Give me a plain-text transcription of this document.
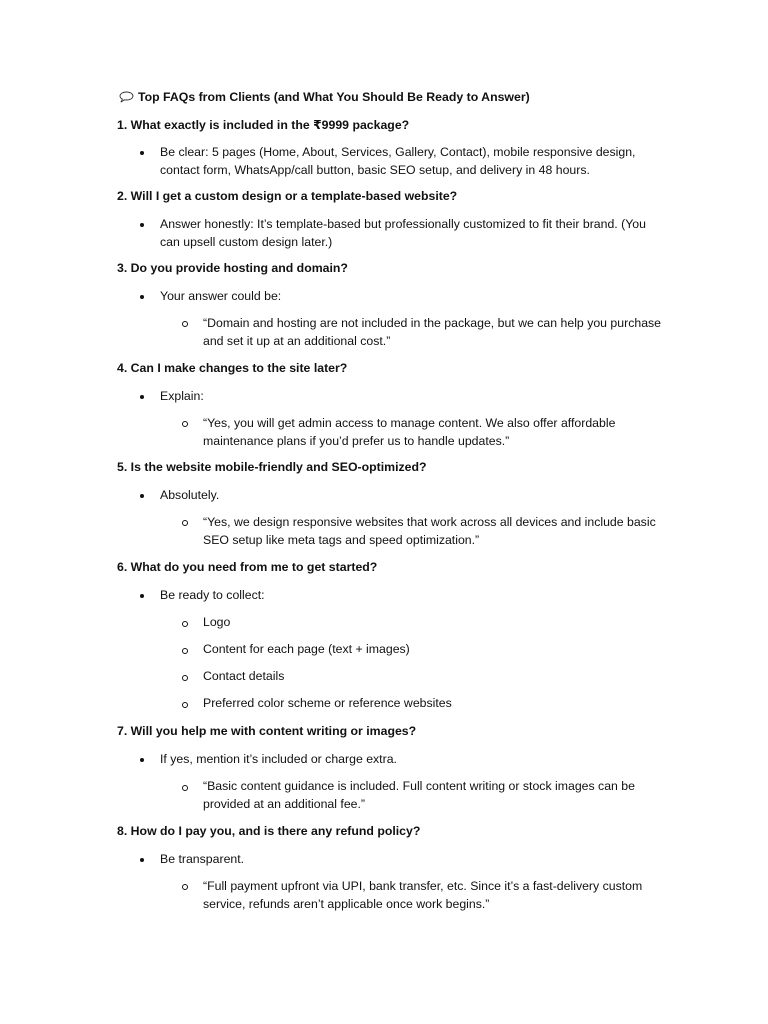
Top FAQs from Clients (and What You Should Be Ready to Answer)
1. What exactly is included in the ₹9999 package?
Be clear: 5 pages (Home, About, Services, Gallery, Contact), mobile responsive design, contact form, WhatsApp/call button, basic SEO setup, and delivery in 48 hours.
2. Will I get a custom design or a template-based website?
Answer honestly: It’s template-based but professionally customized to fit their brand. (You can upsell custom design later.)
3. Do you provide hosting and domain?
Your answer could be:
“Domain and hosting are not included in the package, but we can help you purchase and set it up at an additional cost.”
4. Can I make changes to the site later?
Explain:
“Yes, you will get admin access to manage content. We also offer affordable maintenance plans if you’d prefer us to handle updates.”
5. Is the website mobile-friendly and SEO-optimized?
Absolutely.
“Yes, we design responsive websites that work across all devices and include basic SEO setup like meta tags and speed optimization.”
6. What do you need from me to get started?
Be ready to collect:
Logo
Content for each page (text + images)
Contact details
Preferred color scheme or reference websites
7. Will you help me with content writing or images?
If yes, mention it’s included or charge extra.
“Basic content guidance is included. Full content writing or stock images can be provided at an additional fee.”
8. How do I pay you, and is there any refund policy?
Be transparent.
“Full payment upfront via UPI, bank transfer, etc. Since it’s a fast-delivery custom service, refunds aren’t applicable once work begins.”
